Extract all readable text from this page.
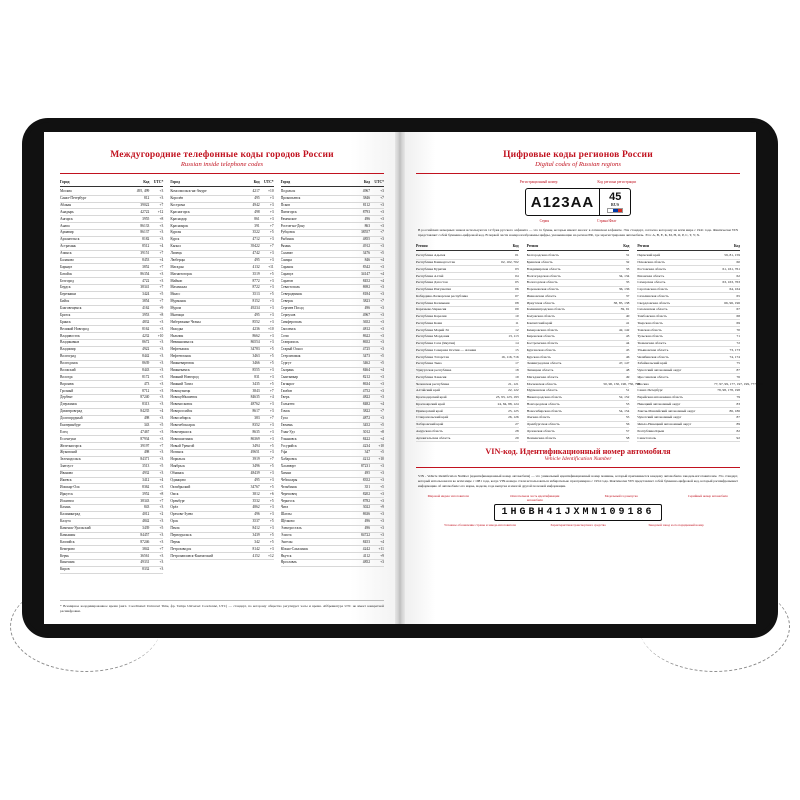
Междугородние телефонные коды городов России
Russian inside telephone codes
Город	Код	UTC*
Москва	495, 499	+3
Санкт-Петербург	812	+3
Абакан	39022	+7
Анадырь	42722	+12
Ангарск	3955	+8
Анапа	86133	+3
Армавир	86137	+3
Архангельск	8182	+3
Астрахань	8512	+4
Ачинск	39151	+7
Балаково	8453	+4
Барнаул	3852	+7
Батайск	86354	+3
Белгород	4722	+3
Бердск	38341	+7
Березники	3424	+5
Бийск	3854	+7
Благовещенск	4162	+9
Братск	3953	+8
Брянск	4832	+3
Великий Новгород	8162	+3
Владивосток	4232	+10
Владикавказ	8672	+3
Владимир	4922	+3
Волгоград	8442	+3
Волгодонск	8639	+3
Волжский	8443	+3
Вологда	8172	+3
Воронеж	473	+3
Грозный	8712	+3
Дербент	87240	+3
Дзержинск	8313	+3
Димитровград	84235	+4
Долгопрудный	498	+3
Екатеринбург	343	+5
Елец	47467	+3
Ессентуки	87934	+3
Железногорск	39197	+7
Жуковский	498	+3
Зеленодольск	84371	+3
Златоуст	3513	+5
Иваново	4932	+3
Ижевск	3412	+4
Йошкар-Ола	8362	+3
Иркутск	3952	+8
Искитим	38343	+7
Казань	843	+3
Калининград	4012	+2
Калуга	4842	+3
Каменск-Уральский	3439	+5
Камышин	84457	+3
Каспийск	87246	+3
Кемерово	3842	+7
Керчь	36561	+3
Кинешма	49331	+3
Киров	8332	+3
Город	Код	UTC*
Комсомольск-на-Амуре	4217	+10
Королёв	495	+3
Кострома	4942	+3
Красногорск	498	+3
Краснодар	861	+3
Красноярск	391	+7
Курган	3522	+5
Курск	4712	+3
Кызыл	39422	+7
Липецк	4742	+3
Люберцы	495	+3
Магадан	4132	+11
Магнитогорск	3519	+5
Майкоп	8772	+3
Махачкала	8722	+3
Миасс	3513	+5
Мурманск	8152	+3
Муром	49234	+3
Мытищи	495	+3
Набережные Челны	8552	+3
Находка	4236	+10
Нальчик	8662	+3
Невинномысск	86554	+3
Нефтекамск	34783	+5
Нефтеюганск	3463	+5
Нижневартовск	3466	+5
Нижнекамск	8555	+3
Нижний Новгород	831	+3
Нижний Тагил	3435	+5
Новокузнецк	3843	+7
Новокуйбышевск	84635	+4
Новомосковск	48762	+3
Новороссийск	8617	+3
Новосибирск	383	+7
Новочебоксарск	8352	+3
Новочеркасск	8635	+3
Новошахтинск	86369	+3
Новый Уренгой	3494	+5
Ногинск	49651	+3
Норильск	3919	+7
Ноябрьск	3496	+5
Обнинск	48439	+3
Одинцово	495	+3
Октябрьский	34767	+5
Омск	3812	+6
Оренбург	3532	+5
Орёл	4862	+3
Орехово-Зуево	496	+3
Орск	3537	+5
Пенза	8412	+3
Первоуральск	3439	+5
Пермь	342	+5
Петрозаводск	8142	+3
Петропавловск-Камчатский	4152	+12
Город	Код	UTC*
Подольск	4967	+3
Прокопьевск	3846	+7
Псков	8112	+3
Пятигорск	8793	+3
Раменское	496	+3
Ростов-на-Дону	863	+3
Рубцовск	38557	+7
Рыбинск	4855	+3
Рязань	4912	+3
Салават	3476	+5
Самара	846	+4
Саранск	8342	+3
Сарапул	34147	+4
Саратов	8452	+4
Севастополь	8692	+3
Северодвинск	8184	+3
Северск	3823	+7
Сергиев Посад	496	+3
Серпухов	4967	+3
Симферополь	3652	+3
Смоленск	4812	+3
Сочи	8622	+3
Ставрополь	8652	+3
Старый Оскол	4725	+3
Стерлитамак	3473	+5
Сургут	3462	+5
Сызрань	8464	+4
Сыктывкар	8212	+3
Таганрог	8634	+3
Тамбов	4752	+3
Тверь	4822	+3
Тольятти	8482	+4
Томск	3822	+7
Тула	4872	+3
Тюмень	3452	+5
Улан-Удэ	3012	+8
Ульяновск	8422	+4
Уссурийск	4234	+10
Уфа	347	+5
Хабаровск	4212	+10
Хасавюрт	87231	+3
Химки	495	+3
Чебоксары	8352	+3
Челябинск	351	+5
Череповец	8202	+3
Черкесск	8782	+3
Чита	3022	+9
Шахты	8636	+3
Щёлково	496	+3
Электросталь	496	+3
Элиста	84722	+3
Энгельс	8453	+4
Южно-Сахалинск	4242	+11
Якутск	4112	+9
Ярославль	4852	+3
* Всемирное координированное время (англ. Coordinated Universal Time, фр. Temps Universel Coordonné, UTC) — стандарт, по которому общество регулирует часы и время. Аббревиатура UTC не имеет конкретной расшифровки.
Цифровые коды регионов России
Digital codes of Russian regions
Регистрационный номер	Код региона регистрации
А 123 АА 45
RUS
Серия	Страна/Флаг
В российских номерных знаках используются 12 букв русского алфавита — это те буквы, которые имеют аналог в латинском алфавите. Эти стандарт, согласно которому на всём мире с 1941 года. Фактически VIN представляет собой буквенно-цифровой код. В первой части номера изображены цифры, указывающие на регион РФ, где зарегистрирован автомобиль. Это: А, В, Е, К, М, Н, О, Р, С, Т, У, Х.
Регион	Код
Республика Адыгея	01
Республика Башкортостан	02, 102, 702
Республика Бурятия	03
Республика Алтай	04
Республика Дагестан	05
Республика Ингушетия	06
Кабардино-Балкарская республика	07
Республика Калмыкия	08
Карачаево-Черкесия	09
Республика Карелия	10
Республика Коми	11
Республика Марий Эл	12
Республика Мордовия	13, 113
Республика Саха (Якутия)	14
Республика Северная Осетия — Алания	15
Республика Татарстан	16, 116, 716
Республика Тыва	17
Удмуртская республика	18
Республика Хакасия	19
Чеченская республика	21, 121
Алтайский край	22, 122
Краснодарский край	23, 93, 123, 193
Красноярский край	24, 84, 88, 124
Приморский край	25, 125
Ставропольский край	26, 126
Хабаровский край	27
Амурская область	28
Архангельская область	29
Регион	Код
Белгородская область	31
Брянская область	32
Владимирская область	33
Волгоградская область	34, 134
Вологодская область	35
Воронежская область	36, 136
Ивановская область	37
Иркутская область	38, 85, 138
Калининградская область	39, 91
Калужская область	40
Камчатский край	41
Кемеровская область	42, 142
Кировская область	43
Костромская область	44
Курганская область	45
Курская область	46
Ленинградская область	47, 147
Липецкая область	48
Магаданская область	49
Московская область	50, 90, 150, 190, 750, 790
Мурманская область	51
Нижегородская область	52, 152
Новгородская область	53
Новосибирская область	54, 154
Омская область	55
Оренбургская область	56
Орловская область	57
Пензенская область	58
Регион	Код
Пермский край	59, 81, 159
Псковская область	60
Ростовская область	61, 161, 761
Рязанская область	62
Самарская область	63, 163, 763
Саратовская область	64, 164
Сахалинская область	65
Свердловская область	66, 96, 196
Смоленская область	67
Тамбовская область	68
Тверская область	69
Томская область	70
Тульская область	71
Тюменская область	72
Ульяновская область	73, 173
Челябинская область	74, 174
Забайкальский край	75
Чукотский автономный округ	87
Ярославская область	76
Москва	77, 97, 99, 177, 197, 199, 777, 799
Санкт-Петербург	78, 98, 178, 198
Еврейская автономная область	79
Ненецкий автономный округ	83
Ханты-Мансийский автономный округ	86, 186
Чукотский автономный округ	87
Ямало-Ненецкий автономный округ	89
Республика Крым	82
Севастополь	92
VIN-код. Идентификационный номер автомобиля
Vehicle Identification Number
VIN - Vehicle Identification Number (идентификационный номер автомобиля) — это уникальный идентификационный номер машины, который присваивается каждому автомобилю заводом-изготовителем. Это стандарт, который использовался во всём мире с 1981 года, когда VIN-номера стали использоваться избирательно при примерно с 1954 года. Фактически VIN представляет собой буквенно-цифровой код, который расшифровывает информацию об автомобиле: его марке, модели, годе выпуска и многой другой полезной информации.
Мировой индекс изготовителя	Описательная часть идентификации автомобиля
Модельный год выпуска	Серийный номер автомобиля
1HGBH41JXMN109186
Условное обозначение страны и завода-изготовителя	Характеристики транспортного средства	Заводской завод и его порядковый номер
